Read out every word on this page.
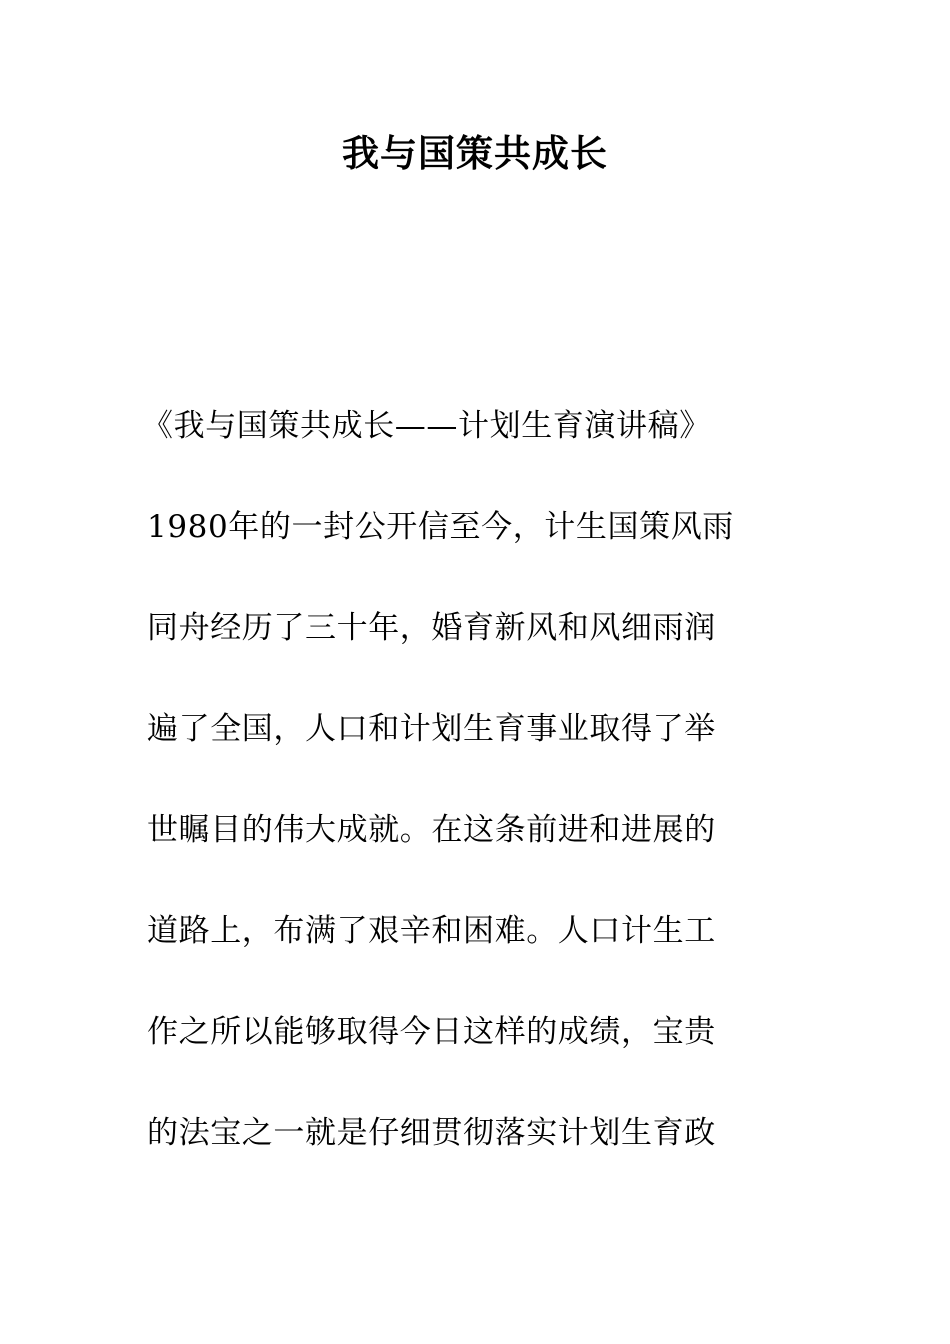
我与国策共成长
《我与国策共成长——计划生育演讲稿》
1980年的一封公开信至今，计生国策风雨
同舟经历了三十年，婚育新风和风细雨润
遍了全国，人口和计划生育事业取得了举
世瞩目的伟大成就。在这条前进和进展的
道路上，布满了艰辛和困难。人口计生工
作之所以能够取得今日这样的成绩，宝贵
的法宝之一就是仔细贯彻落实计划生育政
